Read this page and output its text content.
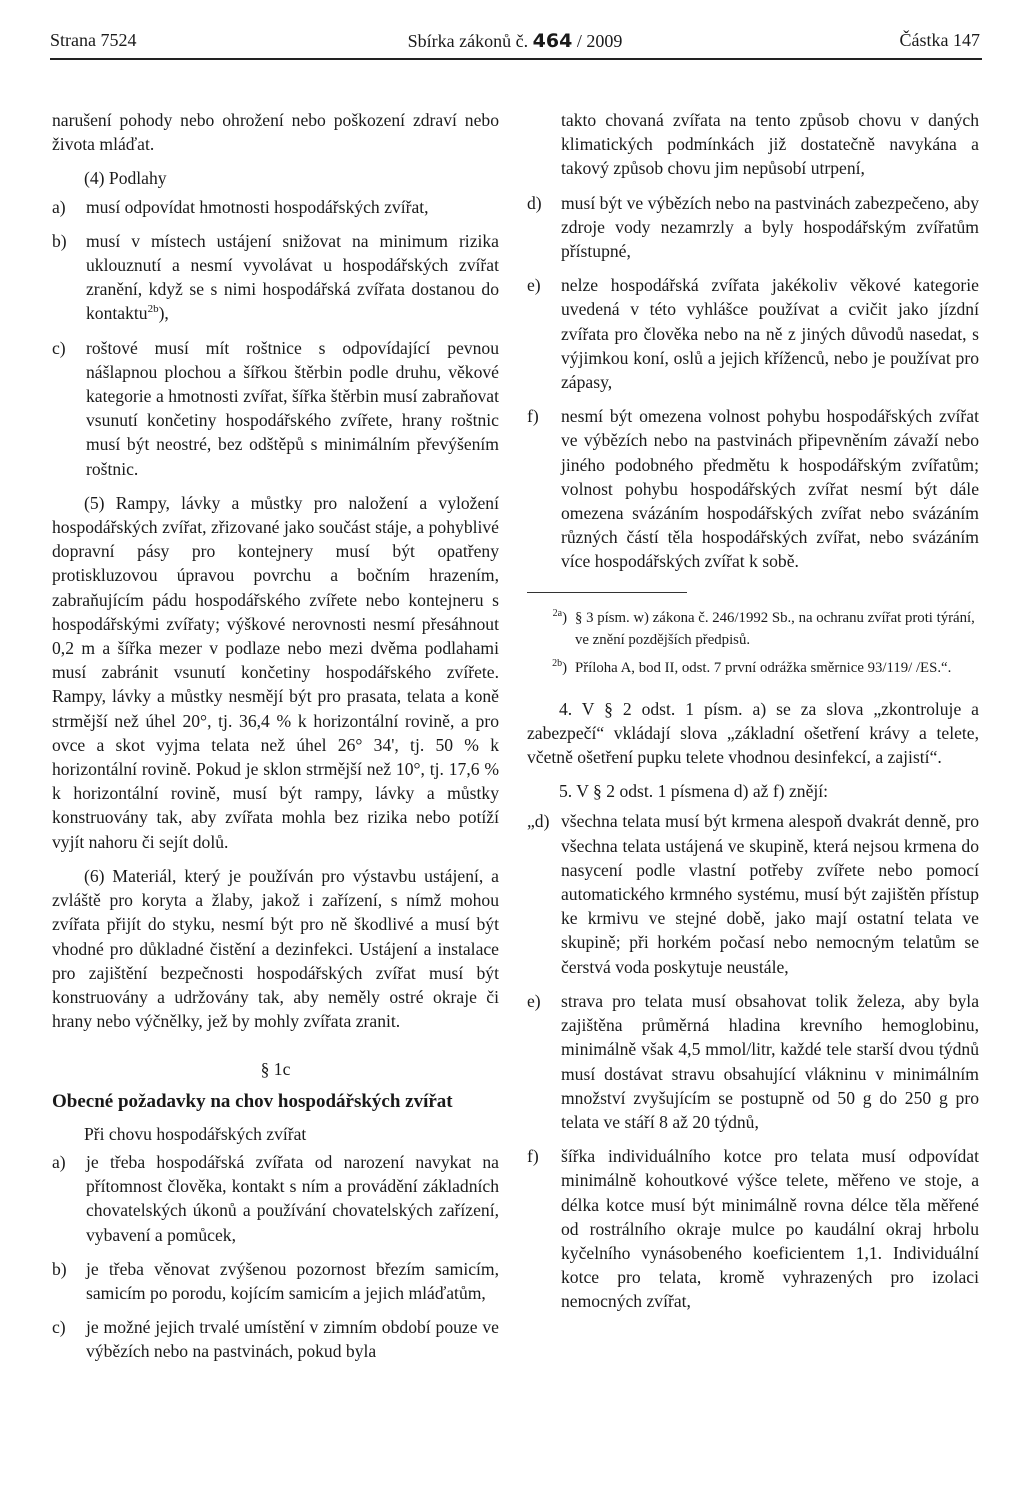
Strana 7524	Sbírka zákonů č. 464 / 2009	Částka 147

narušení pohody nebo ohrožení nebo poškození zdraví nebo života mláďat.

(4) Podlahy

a)	musí odpovídat hmotnosti hospodářských zvířat,

b)	musí v místech ustájení snižovat na minimum rizika uklouznutí a nesmí vyvolávat u hospodářských zvířat zranění, když se s nimi hospodářská zvířata dostanou do kontaktu$^{2b}$),

c)	roštové musí mít roštnice s odpovídající pevnou nášlapnou plochou a šířkou štěrbin podle druhu, věkové kategorie a hmotnosti zvířat, šířka štěrbin musí zabraňovat vsunutí končetiny hospodářského zvířete, hrany roštnic musí být neostré, bez odštěpů s minimálním převýšením roštnic.

(5) Rampy, lávky a můstky pro naložení a vyložení hospodářských zvířat, zřizované jako součást stáje, a pohyblivé dopravní pásy pro kontejnery musí být opatřeny protiskluzovou úpravou povrchu a bočním hrazením, zabraňujícím pádu hospodářského zvířete nebo kontejneru s hospodářskými zvířaty; výškové nerovnosti nesmí přesáhnout 0,2 m a šířka mezer v podlaze nebo mezi dvěma podlahami musí zabránit vsunutí končetiny hospodářského zvířete. Rampy, lávky a můstky nesmějí být pro prasata, telata a koně strmější než úhel 20°, tj. 36,4 % k horizontální rovině, a pro ovce a skot vyjma telata než úhel 26° 34', tj. 50 % k horizontální rovině. Pokud je sklon strmější než 10°, tj. 17,6 % k horizontální rovině, musí být rampy, lávky a můstky konstruovány tak, aby zvířata mohla bez rizika nebo potíží vyjít nahoru či sejít dolů.

(6) Materiál, který je používán pro výstavbu ustájení, a zvláště pro koryta a žlaby, jakož i zařízení, s nímž mohou zvířata přijít do styku, nesmí být pro ně škodlivé a musí být vhodné pro důkladné čistění a dezinfekci. Ustájení a instalace pro zajištění bezpečnosti hospodářských zvířat musí být konstruovány a udržovány tak, aby neměly ostré okraje či hrany nebo výčnělky, jež by mohly zvířata zranit.

§ 1c
Obecné požadavky na chov hospodářských zvířat

Při chovu hospodářských zvířat

a)	je třeba hospodářská zvířata od narození navykat na přítomnost člověka, kontakt s ním a provádění základních chovatelských úkonů a používání chovatelských zařízení, vybavení a pomůcek,

b)	je třeba věnovat zvýšenou pozornost březím samicím, samicím po porodu, kojícím samicím a jejich mláďatům,

c)	je možné jejich trvalé umístění v zimním období pouze ve výbězích nebo na pastvinách, pokud byla

takto chovaná zvířata na tento způsob chovu v daných klimatických podmínkách již dostatečně navykána a takový způsob chovu jim nepůsobí utrpení,

d)	musí být ve výbězích nebo na pastvinách zabezpečeno, aby zdroje vody nezamrzly a byly hospodářským zvířatům přístupné,

e)	nelze hospodářská zvířata jakékoliv věkové kategorie uvedená v této vyhlášce používat a cvičit jako jízdní zvířata pro člověka nebo na ně z jiných důvodů nasedat, s výjimkou koní, oslů a jejich kříženců, nebo je používat pro zápasy,

f)	nesmí být omezena volnost pohybu hospodářských zvířat ve výbězích nebo na pastvinách připevněním závaží nebo jiného podobného předmětu k hospodářským zvířatům; volnost pohybu hospodářských zvířat nesmí být dále omezena svázáním hospodářských zvířat nebo svázáním různých částí těla hospodářských zvířat, nebo svázáním více hospodářských zvířat k sobě.

$^{2a}$) § 3 písm. w) zákona č. 246/1992 Sb., na ochranu zvířat proti týrání, ve znění pozdějších předpisů.
$^{2b}$) Příloha A, bod II, odst. 7 první odrážka směrnice 93/119/ /ES.“.

4. V § 2 odst. 1 písm. a) se za slova „zkontroluje a zabezpečí“ vkládají slova „základní ošetření krávy a telete, včetně ošetření pupku telete vhodnou desinfekcí, a zajistí“.

5. V § 2 odst. 1 písmena d) až f) znějí:

„d) všechna telata musí být krmena alespoň dvakrát denně, pro všechna telata ustájená ve skupině, která nejsou krmena do nasycení podle vlastní potřeby zvířete nebo pomocí automatického krmného systému, musí být zajištěn přístup ke krmivu ve stejné době, jako mají ostatní telata ve skupině; při horkém počasí nebo nemocným telatům se čerstvá voda poskytuje neustále,

e)	strava pro telata musí obsahovat tolik železa, aby byla zajištěna průměrná hladina krevního hemoglobinu, minimálně však 4,5 mmol/litr, každé tele starší dvou týdnů musí dostávat stravu obsahující vlákninu v minimálním množství zvyšujícím se postupně od 50 g do 250 g pro telata ve stáří 8 až 20 týdnů,

f)	šířka individuálního kotce pro telata musí odpovídat minimálně kohoutkové výšce telete, měřeno ve stoje, a délka kotce musí být minimálně rovna délce těla měřené od rostrálního okraje mulce po kaudální okraj hrbolu kyčelního vynásobeného koeficientem 1,1. Individuální kotce pro telata, kromě vyhrazených pro izolaci nemocných zvířat,
